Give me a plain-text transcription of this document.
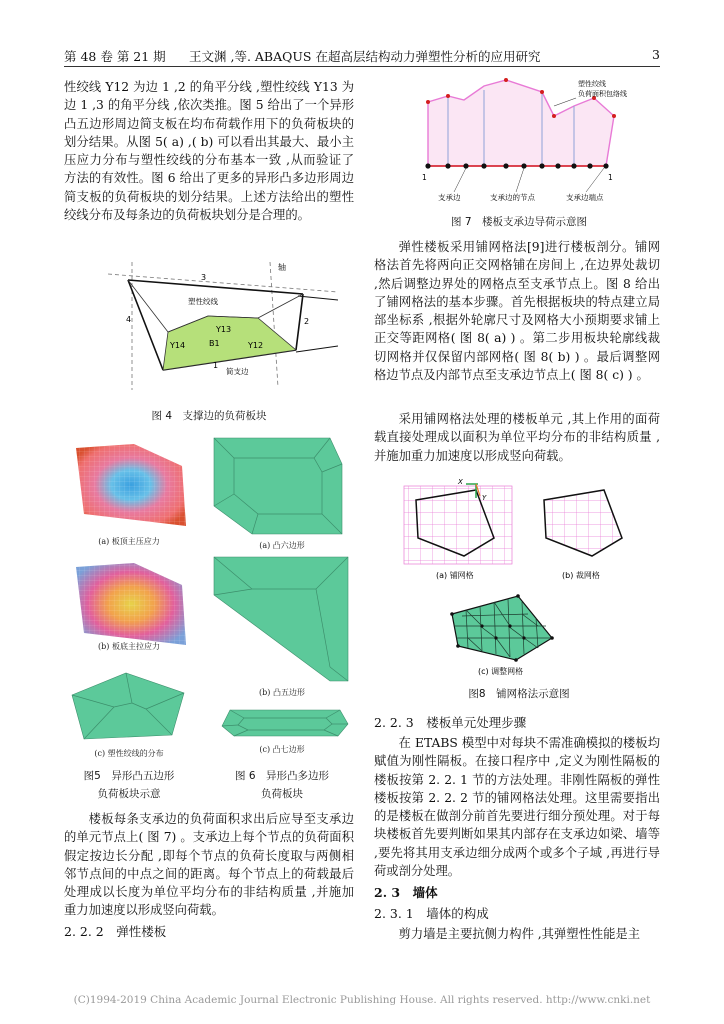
第 48 卷 第 21 期 王文渊 ,等. ABAQUS 在超高层结构动力弹塑性分析的应用研究	3
性绞线 Y12 为边 1 ,2 的角平分线 ,塑性绞线 Y13 为边 1 ,3 的角平分线 ,依次类推。图 5 给出了一个异形凸五边形周边简支板在均布荷载作用下的负荷板块的划分结果。从图 5( a) ,( b) 可以看出其最大、最小主压应力分布与塑性绞线的分布基本一致 ,从而验证了方法的有效性。图 6 给出了更多的异形凸多边形周边简支板的负荷板块的划分结果。上述方法给出的塑性绞线分布及每条边的负荷板块划分是合理的。
3
4	2
1
轴
塑性绞线
Y13
Y14	Y12
B1
简支边
图 4　支撑边的负荷板块
(a) 板顶主压应力
(b) 板底主拉应力
(c) 塑性绞线的分布
图5　异形凸五边形
负荷板块示意
(a) 凸六边形
(b) 凸五边形
(c) 凸七边形
图 6　异形凸多边形
负荷板块
楼板每条支承边的负荷面积求出后应导至支承边的单元节点上( 图 7) 。支承边上每个节点的负荷面积假定按边长分配 ,即每个节点的负荷长度取与两侧相邻节点间的中点之间的距离。每个节点上的荷载最后处理成以长度为单位平均分布的非结构质量 ,并施加重力加速度以形成竖向荷载。
2. 2. 2　弹性楼板
塑性绞线
负荷面积包络线
1	1
支承边	支承边的节点	支承边端点
图 7　楼板支承边导荷示意图
弹性楼板采用铺网格法[9]进行楼板剖分。铺网格法首先将两向正交网格铺在房间上 ,在边界处裁切 ,然后调整边界处的网格点至支承节点上。图 8 给出了铺网格法的基本步骤。首先根据板块的特点建立局部坐标系 ,根据外轮廓尺寸及网格大小预期要求铺上正交等距网格( 图 8( a) ) 。第二步用板块轮廓线裁切网格并仅保留内部网格( 图 8( b) ) 。最后调整网格边节点及内部节点至支承边节点上( 图 8( c) ) 。
采用铺网格法处理的楼板单元 ,其上作用的面荷载直接处理成以面积为单位平均分布的非结构质量 ,并施加重力加速度以形成竖向荷载。
X
Y
(a) 铺网格	(b) 裁网格
(c) 调整网格
图8　铺网格法示意图
2. 2. 3　楼板单元处理步骤
在 ETABS 模型中对每块不需准确模拟的楼板均赋值为刚性隔板。在接口程序中 ,定义为刚性隔板的楼板按第 2. 2. 1 节的方法处理。非刚性隔板的弹性楼板按第 2. 2. 2 节的铺网格法处理。这里需要指出的是楼板在做剖分前首先要进行细分预处理。对于每块楼板首先要判断如果其内部存在支承边如梁、墙等 ,要先将其用支承边细分成两个或多个子域 ,再进行导荷或剖分处理。
2. 3　墙体
2. 3. 1　墙体的构成
剪力墙是主要抗侧力构件 ,其弹塑性性能是主
(C)1994-2019 China Academic Journal Electronic Publishing House. All rights reserved. http://www.cnki.net
